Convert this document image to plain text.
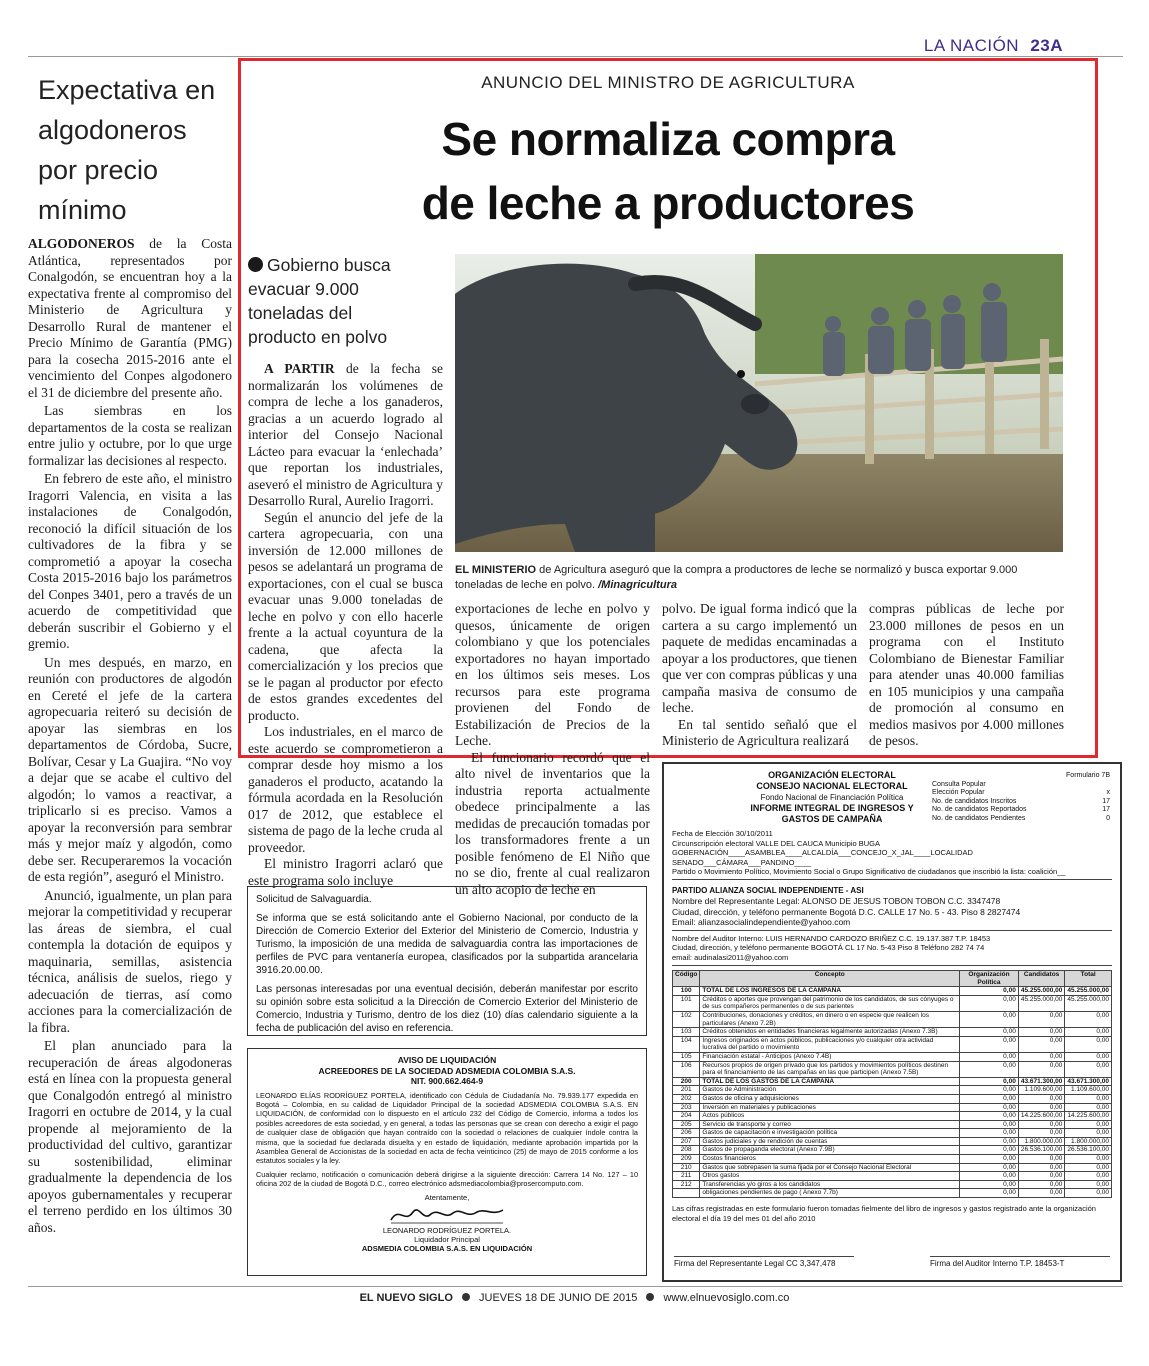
LA NACIÓN 23A
Expectativa en algodoneros por precio mínimo

ALGODONEROS de la Costa Atlántica, representados por Conalgodón, se encuentran hoy a la expectativa frente al compromiso del Ministerio de Agricultura y Desarrollo Rural de mantener el Precio Mínimo de Garantía (PMG) para la cosecha 2015-2016 ante el vencimiento del Conpes algodonero el 31 de diciembre del presente año.

Las siembras en los departamentos de la costa se realizan entre julio y octubre, por lo que urge formalizar las decisiones al respecto.

En febrero de este año, el ministro Iragorri Valencia, en visita a las instalaciones de Conalgodón, reconoció la difícil situación de los cultivadores de la fibra y se comprometió a apoyar la cosecha Costa 2015-2016 bajo los parámetros del Conpes 3401, pero a través de un acuerdo de competitividad que deberán suscribir el Gobierno y el gremio.

Un mes después, en marzo, en reunión con productores de algodón en Cereté el jefe de la cartera agropecuaria reiteró su decisión de apoyar las siembras en los departamentos de Córdoba, Sucre, Bolívar, Cesar y La Guajira. “No voy a dejar que se acabe el cultivo del algodón; lo vamos a reactivar, a triplicarlo si es preciso. Vamos a apoyar la reconversión para sembrar más y mejor maíz y algodón, como debe ser. Recuperaremos la vocación de esta región”, aseguró el Ministro.

Anunció, igualmente, un plan para mejorar la competitividad y recuperar las áreas de siembra, el cual contempla la dotación de equipos y maquinaria, semillas, asistencia técnica, análisis de suelos, riego y adecuación de tierras, así como acciones para la comercialización de la fibra.

El plan anunciado para la recuperación de áreas algodoneras está en línea con la propuesta general que Conalgodón entregó al ministro Iragorri en octubre de 2014, y la cual propende al mejoramiento de la productividad del cultivo, garantizar su sostenibilidad, eliminar gradualmente la dependencia de los apoyos gubernamentales y recuperar el terreno perdido en los últimos 30 años.

ANUNCIO DEL MINISTRO DE AGRICULTURA
Se normaliza compra
de leche a productores
Gobierno busca evacuar 9.000 toneladas del producto en polvo
EL MINISTERIO de Agricultura aseguró que la compra a productores de leche se normalizó y busca exportar 9.000 toneladas de leche en polvo. /Minagricultura

A PARTIR de la fecha se normalizarán los volúmenes de compra de leche a los ganaderos, gracias a un acuerdo logrado al interior del Consejo Nacional Lácteo para evacuar la ‘enlechada’ que reportan los industriales, aseveró el ministro de Agricultura y Desarrollo Rural, Aurelio Iragorri.

Según el anuncio del jefe de la cartera agropecuaria, con una inversión de 12.000 millones de pesos se adelantará un programa de exportaciones, con el cual se busca evacuar unas 9.000 toneladas de leche en polvo y con ello hacerle frente a la actual coyuntura de la cadena, que afecta la comercialización y los precios que se le pagan al productor por efecto de estos grandes excedentes del producto.

Los industriales, en el marco de este acuerdo se comprometieron a comprar desde hoy mismo a los ganaderos el producto, acatando la fórmula acordada en la Resolución 017 de 2012, que establece el sistema de pago de la leche cruda al proveedor.

El ministro Iragorri aclaró que este programa solo incluye

exportaciones de leche en polvo y quesos, únicamente de origen colombiano y que los potenciales exportadores no hayan importado en los últimos seis meses. Los recursos para este programa provienen del Fondo de Estabilización de Precios de la Leche.

El funcionario recordó que el alto nivel de inventarios que la industria reporta actualmente obedece principalmente a las medidas de precaución tomadas por los transformadores frente a un posible fenómeno de El Niño que no se dio, frente al cual realizaron un alto acopio de leche en

polvo. De igual forma indicó que la cartera a su cargo implementó un paquete de medidas encaminadas a apoyar a los productores, que tienen que ver con compras públicas y una campaña masiva de consumo de leche.

En tal sentido señaló que el Ministerio de Agricultura realizará

compras públicas de leche por 23.000 millones de pesos en un programa con el Instituto Colombiano de Bienestar Familiar para atender unas 40.000 familias en 105 municipios y una campaña de promoción al consumo en medios masivos por 4.000 millones de pesos.

ORGANIZACIÓN ELECTORAL
CONSEJO NACIONAL ELECTORAL
Fondo Nacional de Financiación Política
INFORME INTEGRAL DE INGRESOS Y GASTOS DE CAMPAÑA
Formulario 7B
Consulta Popular
Elección Popular	x
No. de candidatos Inscritos	17
No. de candidatos Reportados	17
No. de candidatos Pendientes	0
Fecha de Elección 30/10/2011
Circunscripción electoral VALLE DEL CAUCA Municipio BUGA
GOBERNACIÓN____ASAMBLEA____ALCALDÍA___CONCEJO_X_JAL____LOCALIDAD
SENADO___CÁMARA___PANDINO____
Partido o Movimiento Político, Movimiento Social o Grupo Significativo de ciudadanos que inscribió la lista: coalición__
PARTIDO ALIANZA SOCIAL INDEPENDIENTE - ASI
Nombre del Representante Legal: ALONSO DE JESUS TOBON TOBON C.C. 3347478
Ciudad, dirección, y teléfono permanente Bogotá D.C. CALLE 17 No. 5 - 43. Piso 8 2827474
Email: alianzasocialindependiente@yahoo.com
Nombre del Auditor Interno: LUIS HERNANDO CARDOZO BRIÑEZ C.C. 19.137.387 T.P. 18453
Ciudad, dirección, y teléfono permanente BOGOTÁ CL 17 No. 5-43 Piso 8 Teléfono 282 74 74
email: audinalasi2011@yahoo.com
Código	Concepto	Organización Política	Candidatos	Total
100	TOTAL DE LOS INGRESOS DE LA CAMPAÑA	0,00	45.255.000,00	45.255.000,00
101	Créditos o aportes que provengan del patrimonio de los candidatos, de sus cónyuges o de sus compañeros permanentes o de sus parientes	0,00	45.255.000,00	45.255.000,00
102	Contribuciones, donaciones y créditos, en dinero o en especie que realicen los particulares (Anexo 7.2B)	0,00	0,00	0,00
103	Créditos obtenidos en entidades financieras legalmente autorizadas (Anexo 7.3B)	0,00	0,00	0,00
104	Ingresos originados en actos públicos, publicaciones y/o cualquier otra actividad lucrativa del partido o movimiento	0,00	0,00	0,00
105	Financiación estatal - Anticipos (Anexo 7.4B)	0,00	0,00	0,00
106	Recursos propios de origen privado que los partidos y movimientos políticos destinen para el financiamiento de las campañas en las que participen (Anexo 7.5B)	0,00	0,00	0,00
200	TOTAL DE LOS GASTOS DE LA CAMPAÑA	0,00	43.671.300,00	43.671.300,00
201	Gastos de Administración	0,00	1.109.600,00	1.109.600,00
202	Gastos de oficina y adquisiciones	0,00	0,00	0,00
203	Inversión en materiales y publicaciones	0,00	0,00	0,00
204	Actos públicos	0,00	14.225.600,00	14.225.600,00
205	Servicio de transporte y correo	0,00	0,00	0,00
206	Gastos de capacitación e investigación política	0,00	0,00	0,00
207	Gastos judiciales y de rendición de cuentas	0,00	1.800.000,00	1.800.000,00
208	Gastos de propaganda electoral (Anexo 7.9B)	0,00	26.536.100,00	26.536.100,00
209	Costos financieros	0,00	0,00	0,00
210	Gastos que sobrepasen la suma fijada por el Consejo Nacional Electoral	0,00	0,00	0,00
211	Otros gastos	0,00	0,00	0,00
212	Transferencias y/o giros a los candidatos	0,00	0,00	0,00
	obligaciones pendientes de pago ( Anexo 7.7b)	0,00	0,00	0,00
Las cifras registradas en este formulario fueron tomadas fielmente del libro de ingresos y gastos registrado ante la organización electoral el día 19 del mes 01 del año 2010
Firma del Representante Legal CC 3,347,478	Firma del Auditor Interno T.P. 18453-T

Solicitud de Salvaguardia.

Se informa que se está solicitando ante el Gobierno Nacional, por conducto de la Dirección de Comercio Exterior del Exterior del Ministerio de Comercio, Industria y Turismo, la imposición de una medida de salvaguardia contra las importaciones de perfiles de PVC para ventanería europea, clasificados por la subpartida arancelaria 3916.20.00.00.

Las personas interesadas por una eventual decisión, deberán manifestar por escrito su opinión sobre esta solicitud a la Dirección de Comercio Exterior del Ministerio de Comercio, Industria y Turismo, dentro de los diez (10) días calendario siguiente a la fecha de publicación del aviso en referencia.

AVISO DE LIQUIDACIÓN
ACREEDORES DE LA SOCIEDAD ADSMEDIA COLOMBIA S.A.S.
NIT. 900.662.464-9

LEONARDO ELÍAS RODRÍGUEZ PORTELA, identificado con Cédula de Ciudadanía No. 79.939.177 expedida en Bogotá – Colombia, en su calidad de Liquidador Principal de la sociedad ADSMEDIA COLOMBIA S.A.S. EN LIQUIDACIÓN, de conformidad con lo dispuesto en el artículo 232 del Código de Comercio, informa a todos los posibles acreedores de esta sociedad, y en general, a todas las personas que se crean con derecho a exigir el pago de cualquier clase de obligación que hayan contraído con la sociedad o relaciones de cualquier índole contra la misma, que la sociedad fue declarada disuelta y en estado de liquidación, mediante aprobación impartida por la Asamblea General de Accionistas de la sociedad en acta de fecha veinticinco (25) de mayo de 2015 conforme a los estatutos sociales y la ley.

Cualquier reclamo, notificación o comunicación deberá dirigirse a la siguiente dirección: Carrera 14 No. 127 – 10 oficina 202 de la ciudad de Bogotá D.C., correo electrónico adsmediacolombia@prosercomputo.com.

Atentamente,
LEONARDO RODRÍGUEZ PORTELA.
Liquidador Principal
ADSMEDIA COLOMBIA S.A.S. EN LIQUIDACIÓN
EL NUEVO SIGLO JUEVES 18 DE JUNIO DE 2015 www.elnuevosiglo.com.co
